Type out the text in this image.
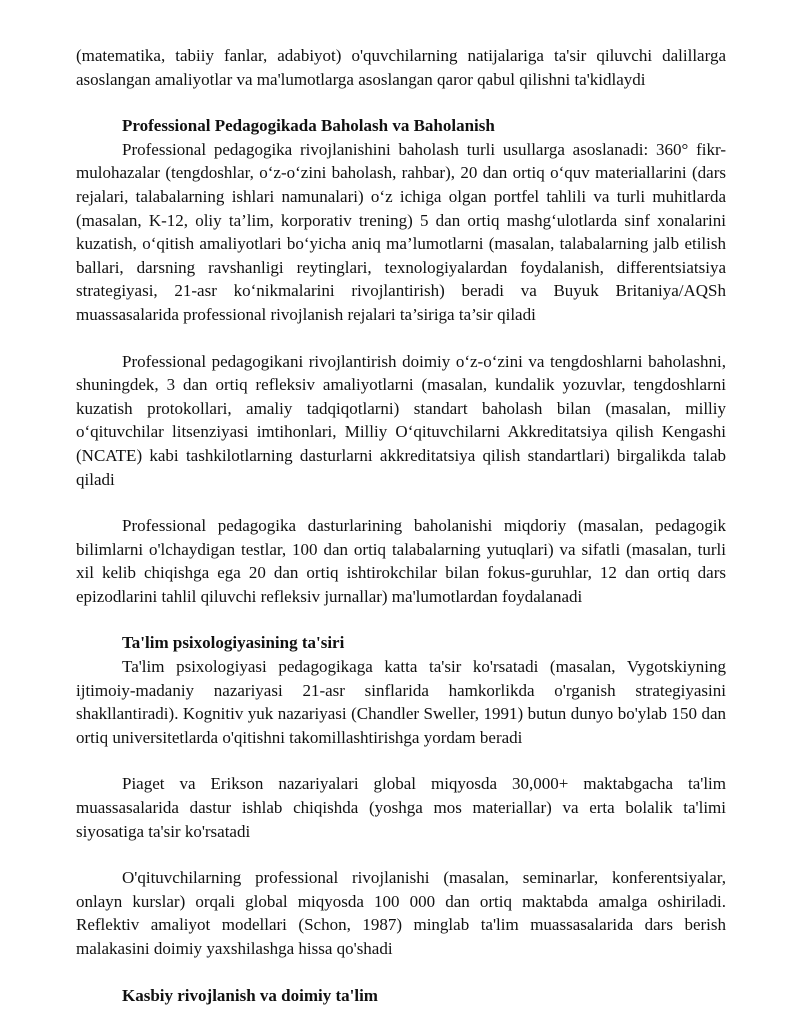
(matematika, tabiiy fanlar, adabiyot) o'quvchilarning natijalariga ta'sir qiluvchi dalillarga asoslangan amaliyotlar va ma'lumotlarga asoslangan qaror qabul qilishni ta'kidlaydi

Professional Pedagogikada Baholash va Baholanish

Professional pedagogika rivojlanishini baholash turli usullarga asoslanadi: 360° fikr-mulohazalar (tengdoshlar, o‘z-o‘zini baholash, rahbar), 20 dan ortiq o‘quv materiallarini (dars rejalari, talabalarning ishlari namunalari) o‘z ichiga olgan portfel tahlili va turli muhitlarda (masalan, K-12, oliy ta’lim, korporativ trening) 5 dan ortiq mashg‘ulotlarda sinf xonalarini kuzatish, o‘qitish amaliyotlari bo‘yicha aniq ma’lumotlarni (masalan, talabalarning jalb etilish ballari, darsning ravshanligi reytinglari, texnologiyalardan foydalanish, differentsiatsiya strategiyasi, 21-asr ko‘nikmalarini rivojlantirish) beradi va Buyuk Britaniya/AQSh muassasalarida professional rivojlanish rejalari ta’siriga ta’sir qiladi

Professional pedagogikani rivojlantirish doimiy o‘z-o‘zini va tengdoshlarni baholashni, shuningdek, 3 dan ortiq refleksiv amaliyotlarni (masalan, kundalik yozuvlar, tengdoshlarni kuzatish protokollari, amaliy tadqiqotlarni) standart baholash bilan (masalan, milliy o‘qituvchilar litsenziyasi imtihonlari, Milliy O‘qituvchilarni Akkreditatsiya qilish Kengashi (NCATE) kabi tashkilotlarning dasturlarni akkreditatsiya qilish standartlari) birgalikda talab qiladi

Professional pedagogika dasturlarining baholanishi miqdoriy (masalan, pedagogik bilimlarni o'lchaydigan testlar, 100 dan ortiq talabalarning yutuqlari) va sifatli (masalan, turli xil kelib chiqishga ega 20 dan ortiq ishtirokchilar bilan fokus-guruhlar, 12 dan ortiq dars epizodlarini tahlil qiluvchi refleksiv jurnallar) ma'lumotlardan foydalanadi

Ta'lim psixologiyasining ta'siri

Ta'lim psixologiyasi pedagogikaga katta ta'sir ko'rsatadi (masalan, Vygotskiyning ijtimoiy-madaniy nazariyasi 21-asr sinflarida hamkorlikda o'rganish strategiyasini shakllantiradi). Kognitiv yuk nazariyasi (Chandler Sweller, 1991) butun dunyo bo'ylab 150 dan ortiq universitetlarda o'qitishni takomillashtirishga yordam beradi

Piaget va Erikson nazariyalari global miqyosda 30,000+ maktabgacha ta'lim muassasalarida dastur ishlab chiqishda (yoshga mos materiallar) va erta bolalik ta'limi siyosatiga ta'sir ko'rsatadi

O'qituvchilarning professional rivojlanishi (masalan, seminarlar, konferentsiyalar, onlayn kurslar) orqali global miqyosda 100 000 dan ortiq maktabda amalga oshiriladi. Reflektiv amaliyot modellari (Schon, 1987) minglab ta'lim muassasalarida dars berish malakasini doimiy yaxshilashga hissa qo'shadi

Kasbiy rivojlanish va doimiy ta'lim
